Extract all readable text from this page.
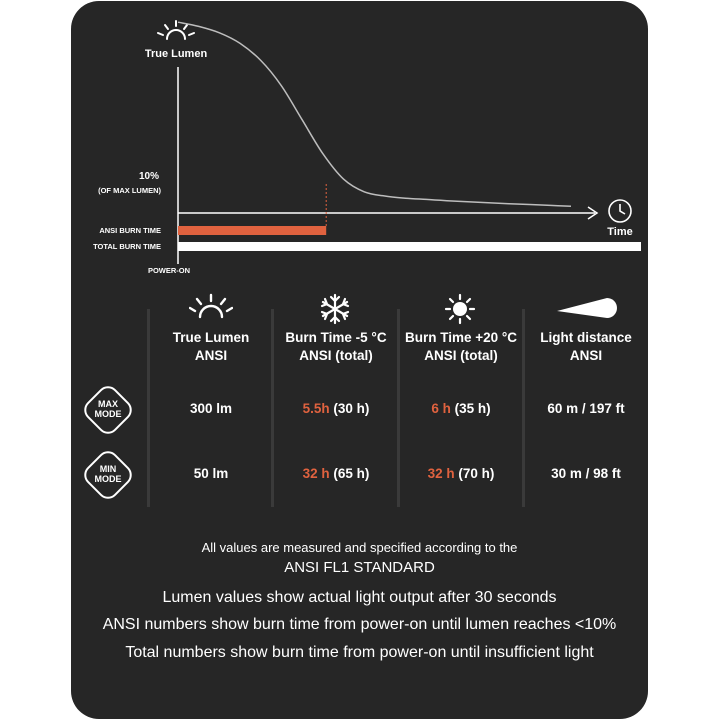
True Lumen
Time
10%
(OF MAX LUMEN)
ANSI BURN TIME
TOTAL BURN TIME
POWER-ON
True Lumen
ANSI
Burn Time -5 °C
ANSI (total)
Burn Time +20 °C
ANSI (total)
Light distance
ANSI
MAX
MODE	300 lm	5.5h (30 h)	6 h (35 h)	60 m / 197 ft
MIN
MODE	50 lm	32 h (65 h)	32 h (70 h)	30 m / 98 ft
All values are measured and specified according to the
ANSI FL1 STANDARD
Lumen values show actual light output after 30 seconds
ANSI numbers show burn time from power-on until lumen reaches <10%
Total numbers show burn time from power-on until insufficient light
